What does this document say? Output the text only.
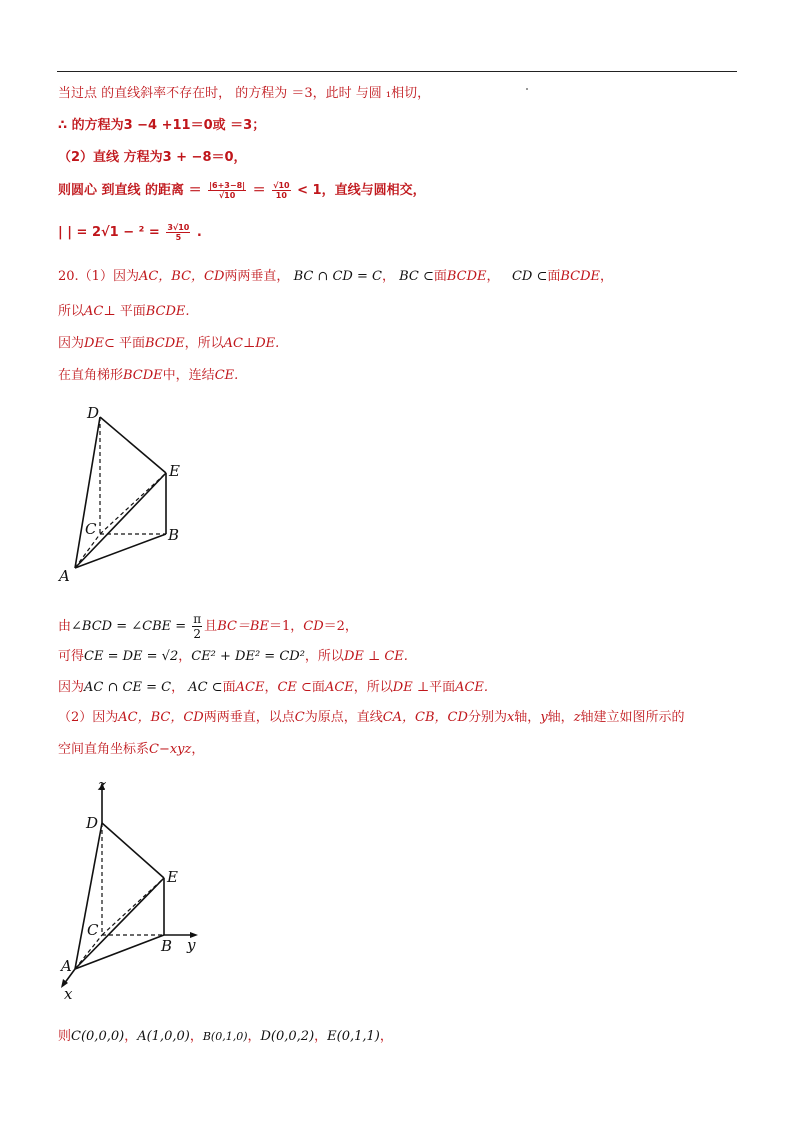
当过点 的直线斜率不存在时， 的方程为 ＝3，此时 与圆 ₁相切，
∴ 的方程为3 −4 +11＝0或 ＝3；
（2）直线 方程为3 + −8＝0，
则圆心 到直线 的距离 ＝ $\frac{|6+3-8|}{√10} = \frac{√10}{10} < 1$，直线与圆相交，
| | = $2√1 - ^2 = \frac{3√10}{5}$ .
20.（1）因为AC，BC，CD两两垂直， BC ∩ CD = C， BC ⊂面BCDE， CD ⊂面BCDE，
所以AC⊥ 平面BCDE.
因为DE⊂ 平面BCDE，所以AC⊥DE.
在直角梯形BCDE中，连结CE.
D
E
C	B
A
由∠BCD = ∠CBE = $\frac{\pi}{2}$ 且BC＝BE＝1，CD＝2，
可得CE = DE = √2，CE² + DE² = CD²，所以DE ⊥ CE.
因为AC ∩ CE = C， AC ⊂面ACE，CE ⊂面ACE，所以DE ⊥平面ACE.
（2）因为AC，BC，CD两两垂直，以点C为原点，直线CA，CB，CD分别为x轴，y轴，z轴建立如图所示的
空间直角坐标系C−xyz，
z
D
E
C
B y
A
x
则C(0,0,0)，A(1,0,0)，B(0,1,0)，D(0,0,2)，E(0,1,1)，
